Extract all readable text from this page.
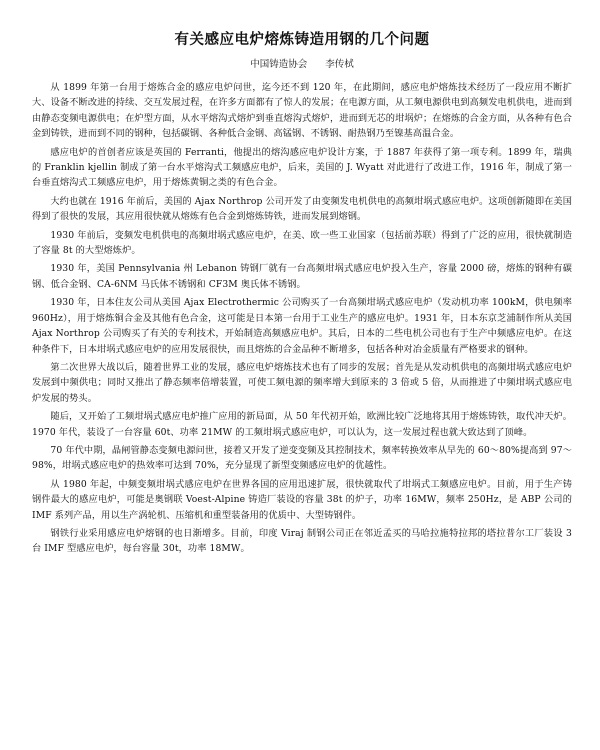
有关感应电炉熔炼铸造用钢的几个问题
中国铸造协会 李传栻

从 1899 年第一台用于熔炼合金的感应电炉问世，迄今还不到 120 年，在此期间，感应电炉熔炼技术经历了一段应用不断扩大、设备不断改进的持续、交互发展过程，在许多方面都有了惊人的发展；在电源方面，从工频电源供电到高频发电机供电，进而到由静态变频电源供电；在炉型方面，从水平熔沟式熔炉到垂直熔沟式熔炉，进而到无芯的坩埚炉；在熔炼的合金方面，从各种有色合金到铸铁，进而到不同的钢种，包括碳钢、各种低合金钢、高锰钢、不锈钢、耐热钢乃至镍基高温合金。

感应电炉的首创者应该是英国的 Ferranti，他提出的熔沟感应电炉设计方案，于 1887 年获得了第一项专利。1899 年，瑞典的 Franklin kjellin 制成了第一台水平熔沟式工频感应电炉，后来，美国的 J. Wyatt 对此进行了改进工作，1916 年，制成了第一台垂直熔沟式工频感应电炉，用于熔炼黄铜之类的有色合金。

大约也就在 1916 年前后，美国的 Ajax Northrop 公司开发了由变频发电机供电的高频坩埚式感应电炉。这项创新随即在美国得到了很快的发展，其应用很快就从熔炼有色合金到熔炼铸铁，进而发展到熔钢。

1930 年前后，变频发电机供电的高频坩埚式感应电炉，在美、欧一些工业国家（包括前苏联）得到了广泛的应用，很快就制造了容量 8t 的大型熔炼炉。

1930 年，美国 Pennsylvania 州 Lebanon 铸钢厂就有一台高频坩埚式感应电炉投入生产，容量 2000 磅，熔炼的钢种有碳钢、低合金钢、CA-6NM 马氏体不锈钢和 CF3M 奥氏体不锈钢。

1930 年，日本住友公司从美国 Ajax Electrothermic 公司购买了一台高频坩埚式感应电炉（发动机功率 100kM，供电频率 960Hz），用于熔炼铜合金及其他有色合金，这可能是日本第一台用于工业生产的感应电炉。1931 年，日本东京芝浦制作所从美国 Ajax Northrop 公司购买了有关的专利技术，开始制造高频感应电炉。其后，日本的二些电机公司也有于生产中频感应电炉。在这种条件下，日本坩埚式感应电炉的应用发展很快，而且熔炼的合金品种不断增多，包括各种对冶金质量有严格要求的钢种。

第二次世界大战以后，随着世界工业的发展，感应电炉熔炼技术也有了同步的发展；首先是从发动机供电的高频坩埚式感应电炉发展到中频供电；同时又推出了静态频率倍增装置，可使工频电源的频率增大到原来的 3 倍或 5 倍，从而推进了中频坩埚式感应电炉发展的势头。

随后，又开始了工频坩埚式感应电炉推广应用的新局面，从 50 年代初开始，欧洲比较广泛地将其用于熔炼铸铁，取代冲天炉。1970 年代，装设了一台容量 60t、功率 21MW 的工频坩埚式感应电炉，可以认为，这一发展过程也就大致达到了顶峰。

70 年代中期，晶闸管静态变频电源问世，接着又开发了逆变变频及其控制技术，频率转换效率从早先的 60～80%提高到 97～98%，坩埚式感应电炉的热效率可达到 70%，充分显现了新型变频感应电炉的优越性。

从 1980 年起，中频变频坩埚式感应电炉在世界各国的应用迅速扩展，很快就取代了坩埚式工频感应电炉。目前，用于生产铸钢件最大的感应电炉，可能是奥钢联 Voest-Alpine 铸造厂装设的容量 38t 的炉子，功率 16MW，频率 250Hz，是 ABP 公司的 IMF 系列产品，用以生产涡轮机、压缩机和重型装备用的优质中、大型铸钢件。

钢铁行业采用感应电炉熔钢的也日渐增多。目前，印度 Viraj 制钢公司正在邻近孟买的马哈拉施特拉邦的塔拉普尔工厂装设 3 台 IMF 型感应电炉，每台容量 30t，功率 18MW。
